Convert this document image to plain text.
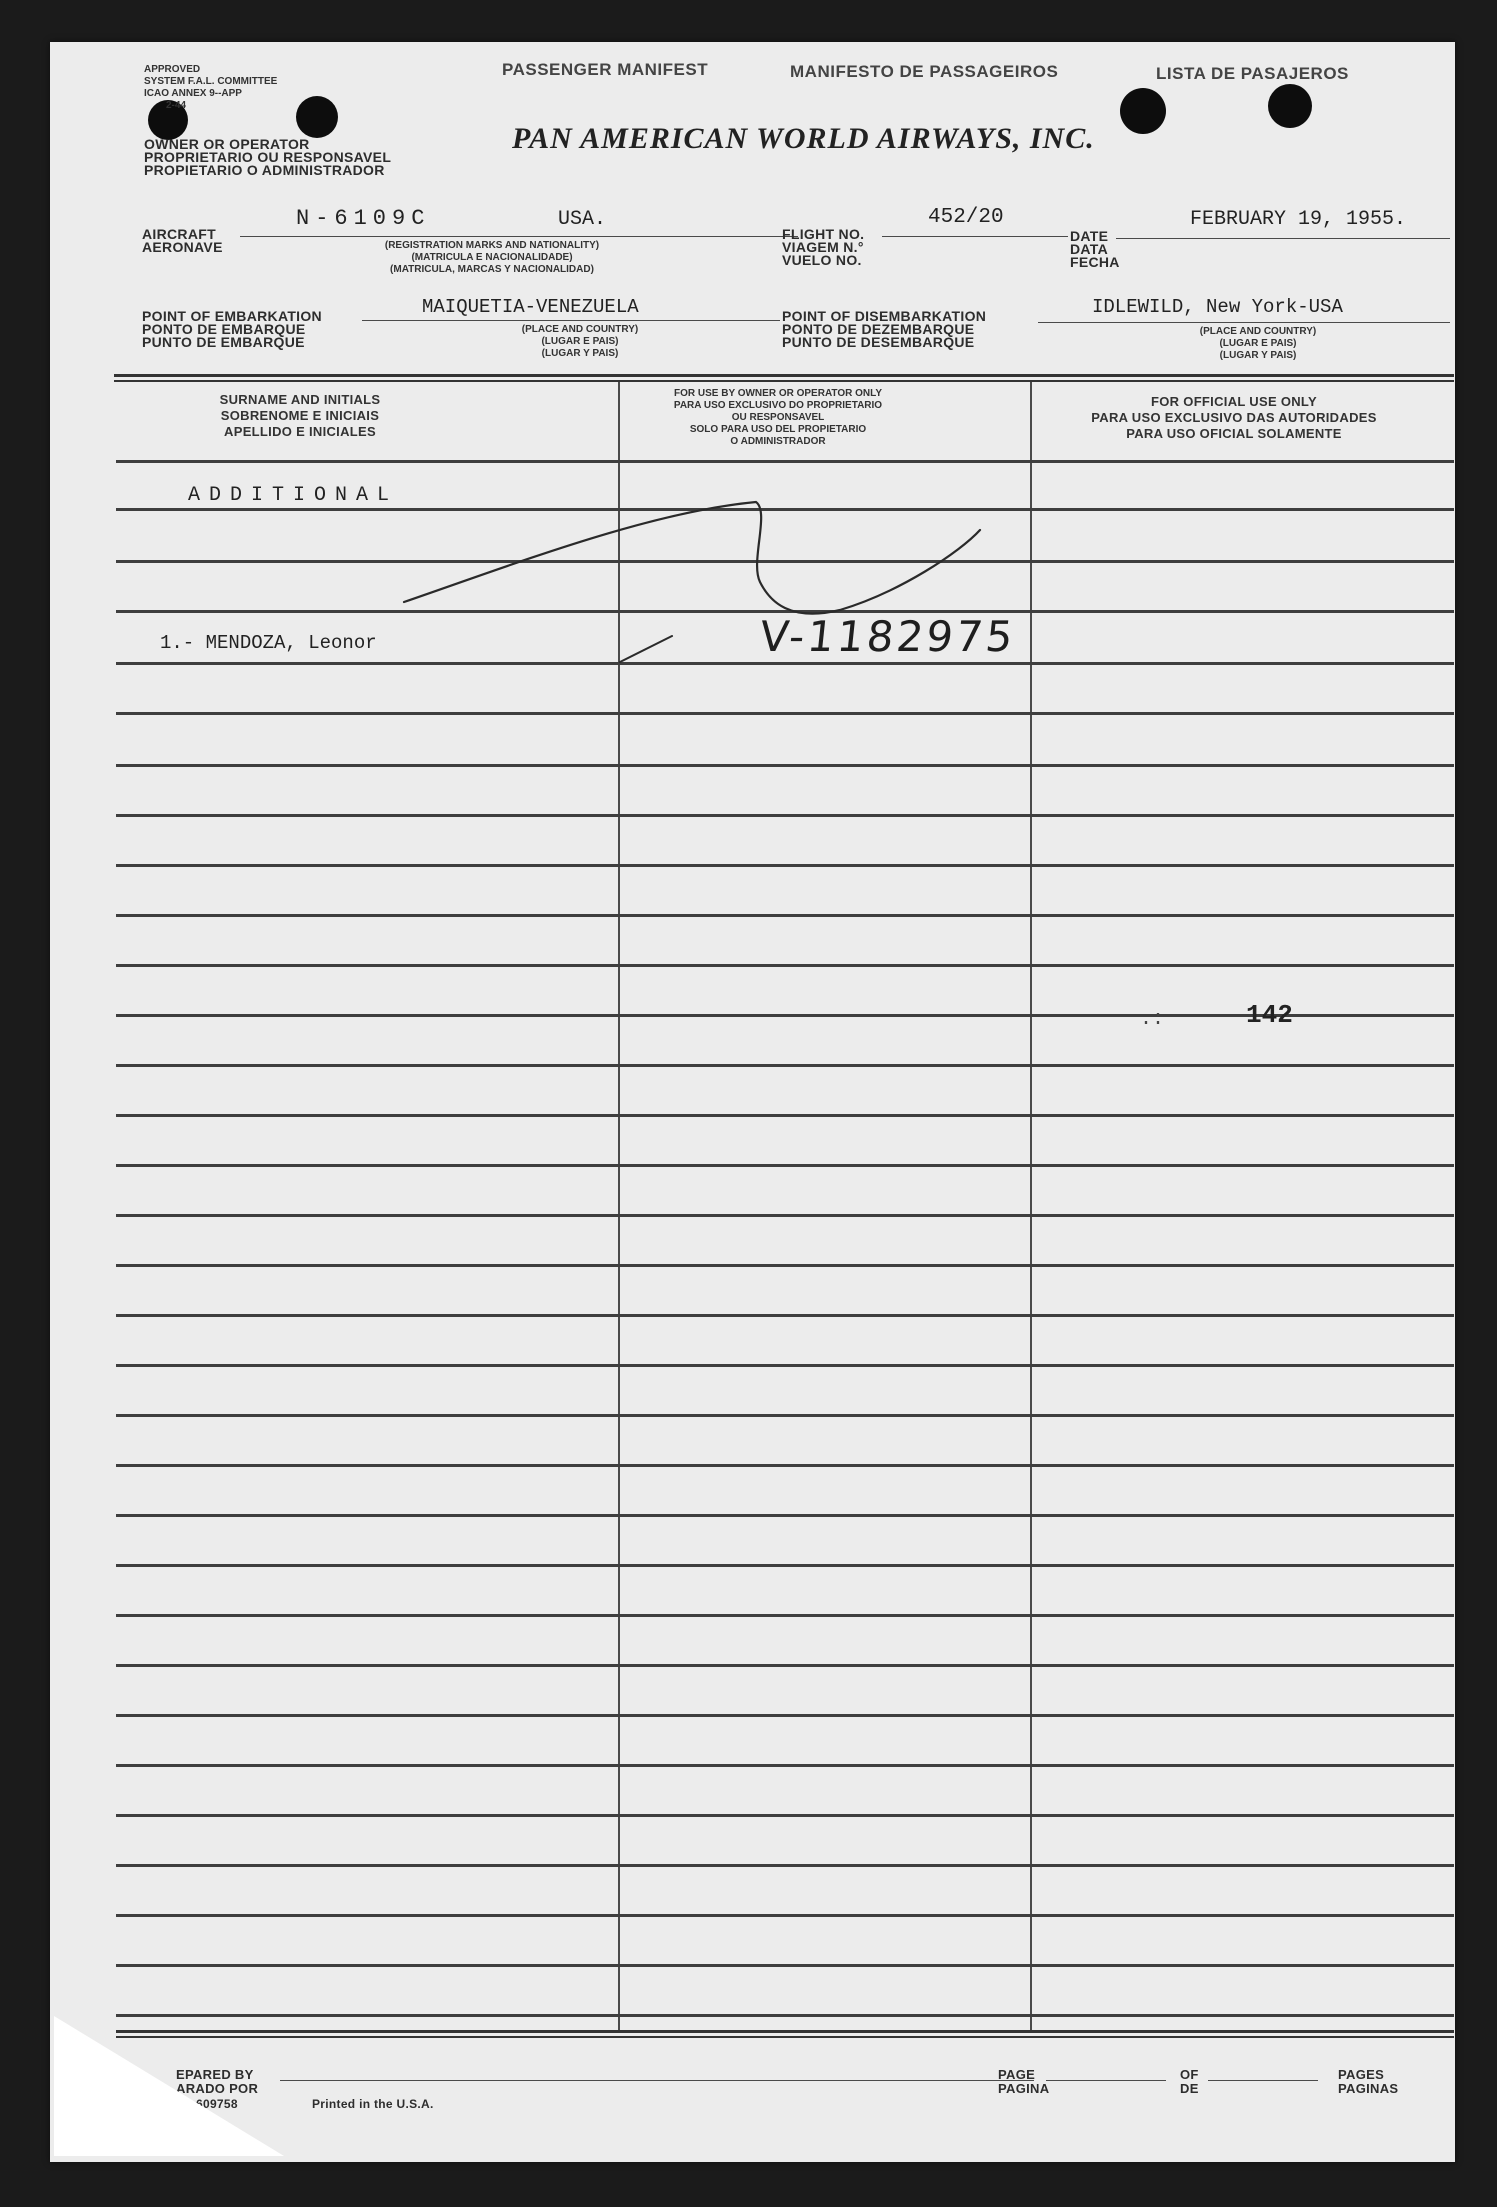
APPROVED
SYSTEM F.A.L. COMMITTEE
ICAO ANNEX 9--APP
2-44
PASSENGER MANIFEST	MANIFESTO DE PASSAGEIROS	LISTA DE PASAJEROS
OWNER OR OPERATOR
PROPRIETARIO OU RESPONSAVEL
PROPIETARIO O ADMINISTRADOR
PAN AMERICAN WORLD AIRWAYS, INC.
AIRCRAFT
AERONAVE
N-6109C	USA.
(REGISTRATION MARKS AND NATIONALITY)
(MATRICULA E NACIONALIDADE)
(MATRICULA, MARCAS Y NACIONALIDAD)
FLIGHT NO.
VIAGEM N.°
VUELO NO.
452/20
DATE
DATA
FECHA
FEBRUARY 19, 1955.
POINT OF EMBARKATION
PONTO DE EMBARQUE
PUNTO DE EMBARQUE
MAIQUETIA-VENEZUELA
(PLACE AND COUNTRY)
(LUGAR E PAIS)
(LUGAR Y PAIS)
POINT OF DISEMBARKATION
PONTO DE DEZEMBARQUE
PUNTO DE DESEMBARQUE
IDLEWILD, New York-USA
(PLACE AND COUNTRY)
(LUGAR E PAIS)
(LUGAR Y PAIS)
SURNAME AND INITIALS
SOBRENOME E INICIAIS
APELLIDO E INICIALES
FOR USE BY OWNER OR OPERATOR ONLY
PARA USO EXCLUSIVO DO PROPRIETARIO
OU RESPONSAVEL
SOLO PARA USO DEL PROPIETARIO
O ADMINISTRADOR
FOR OFFICIAL USE ONLY
PARA USO EXCLUSIVO DAS AUTORIDADES
PARA USO OFICIAL SOLAMENTE
ADDITIONAL
1.- MENDOZA, Leonor	V-1182975
142
.:
EPARED BY
ARADO POR
609758	Printed in the U.S.A.
PAGE
PAGINA
OF
DE
PAGES
PAGINAS
